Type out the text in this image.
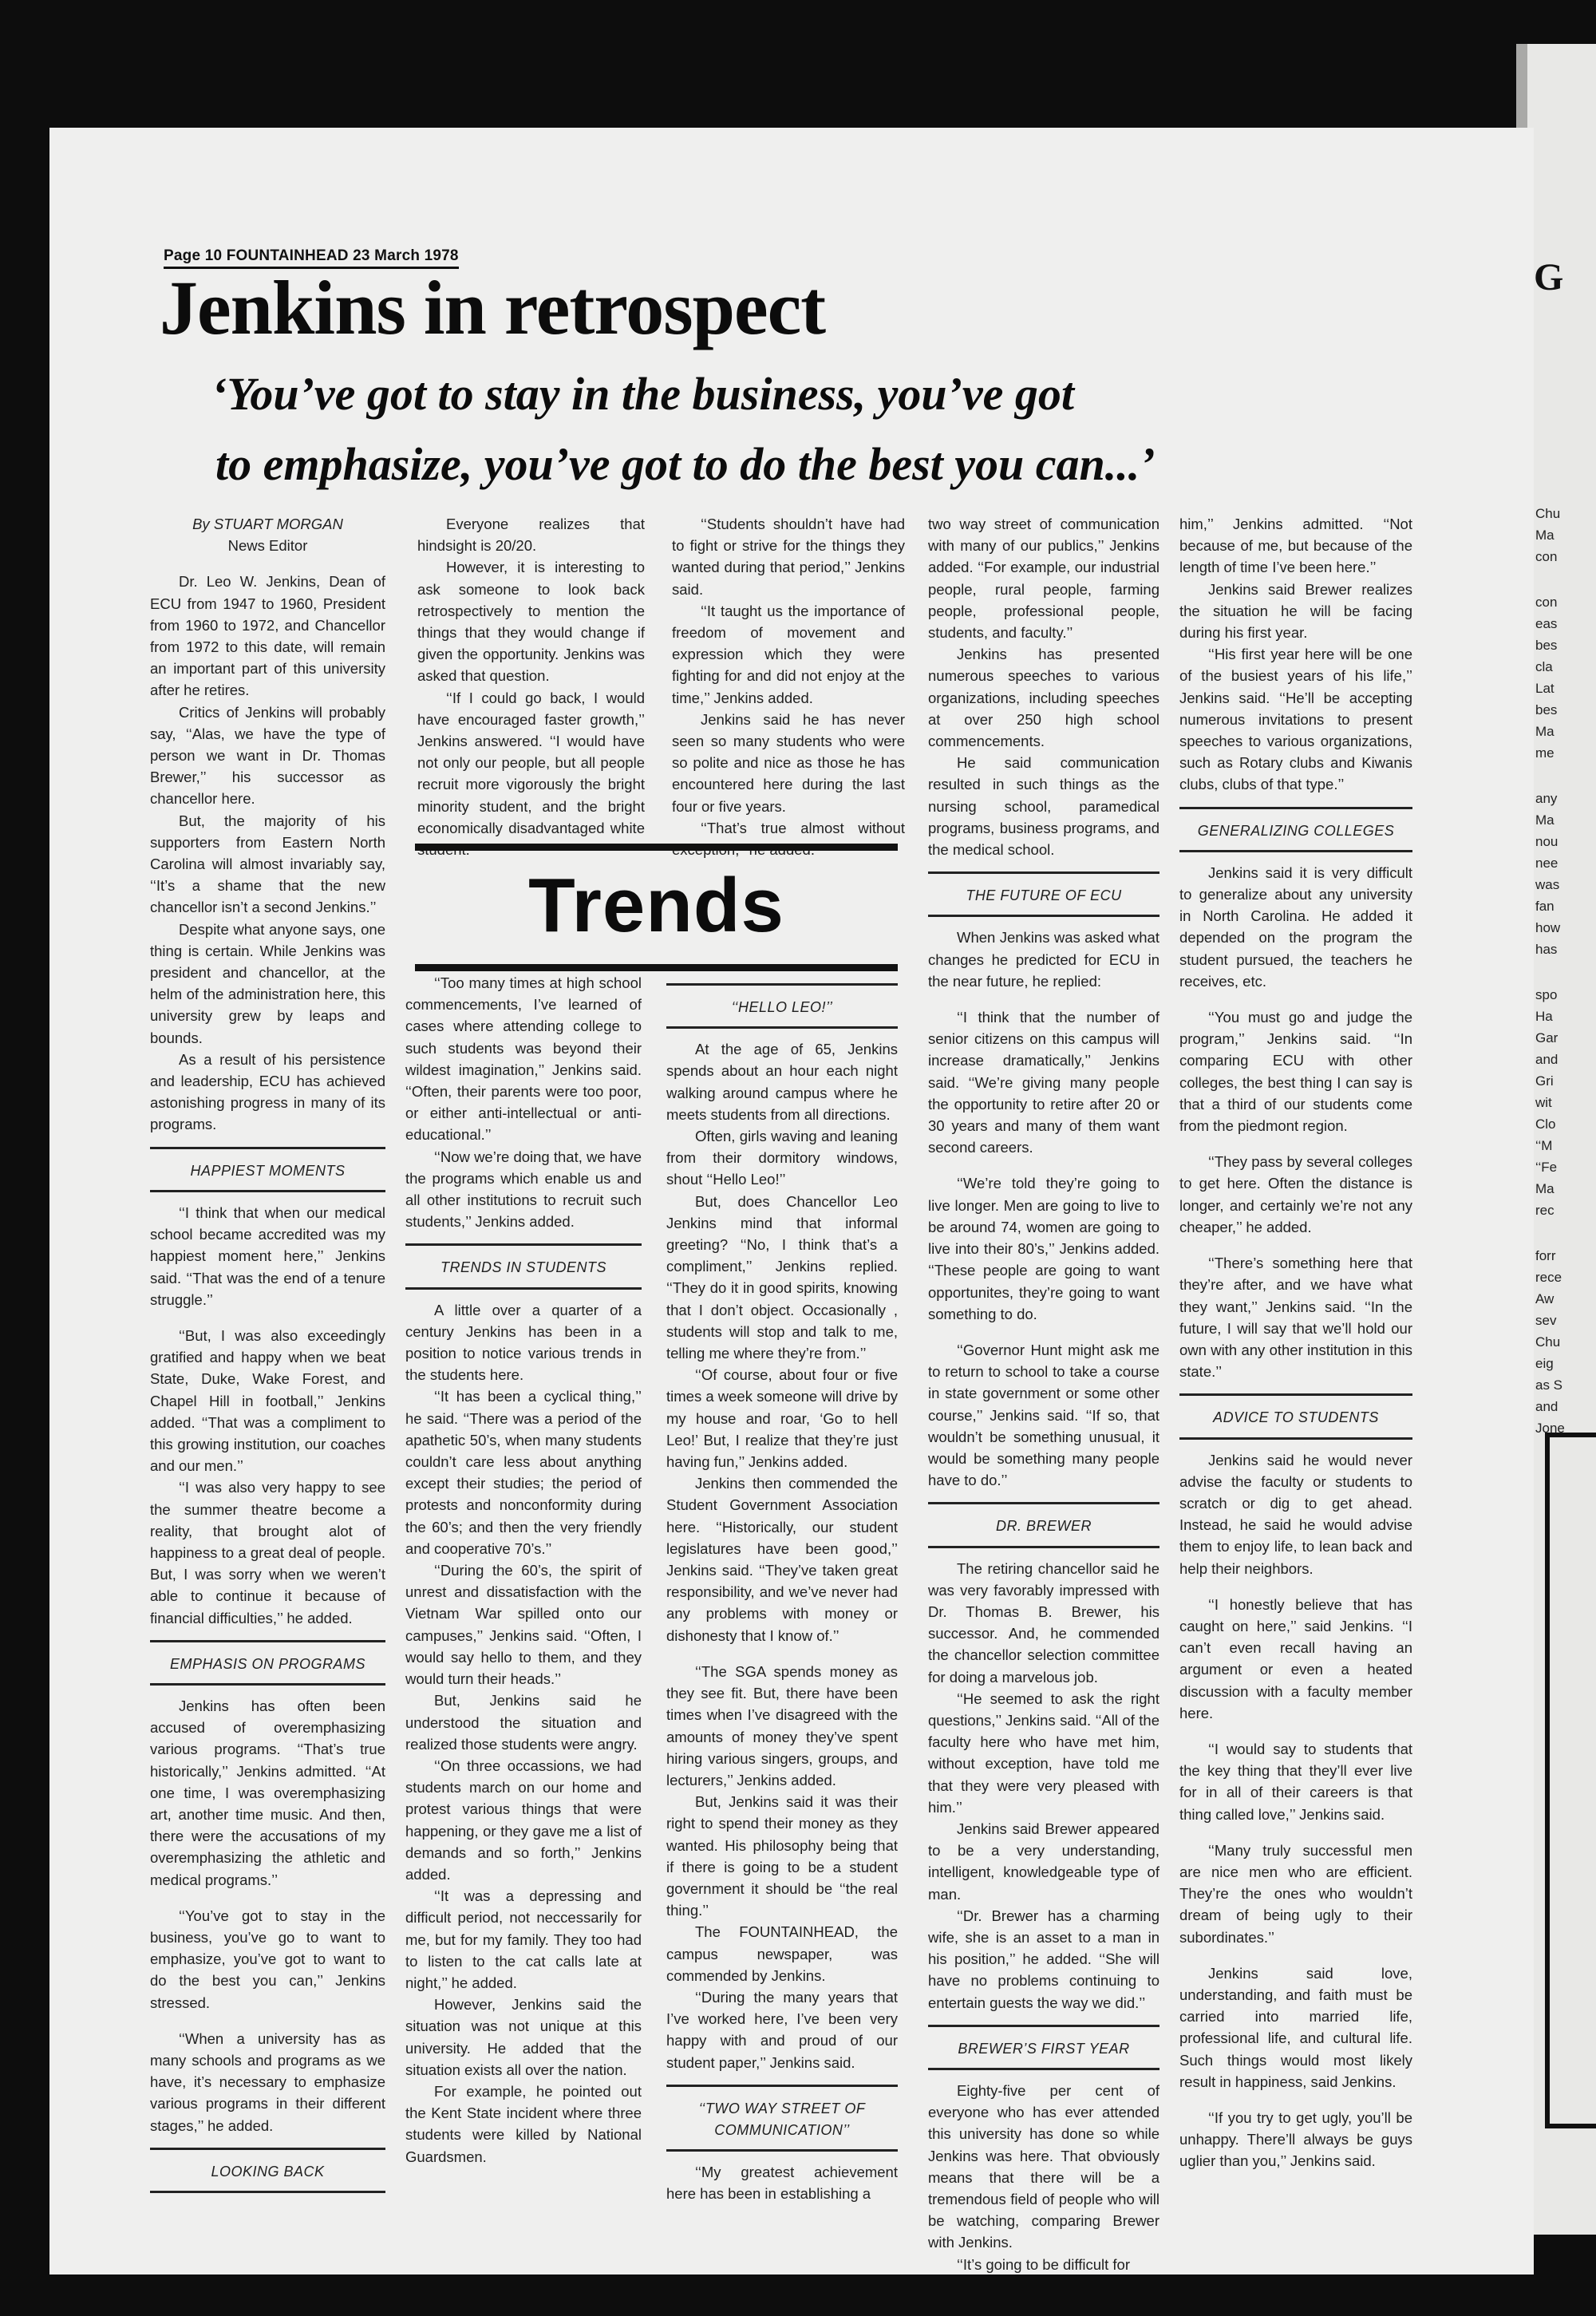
G
Chu
Ma
con
con
eas
bes
cla
Lat
bes
Ma
me
any
Ma
nou
nee
was
fan
how
has
spo
Ha
Gar
and
Gri
wit
Clo
‘‘M
‘‘Fe
Ma
rec
forr
rece
Aw
sev
Chu
eig
as S
and
Jone
Page 10 FOUNTAINHEAD 23 March 1978
Jenkins in retrospect
‘You’ve got to stay in the business, you’ve got
to emphasize, you’ve got to do the best you can...’

By STUART MORGAN

News Editor

Dr. Leo W. Jenkins, Dean of ECU from 1947 to 1960, President from 1960 to 1972, and Chancellor from 1972 to this date, will remain an important part of this university after he retires.

Critics of Jenkins will probably say, ‘‘Alas, we have the type of person we want in Dr. Thomas Brewer,’’ his successor as chancellor here.

But, the majority of his supporters from Eastern North Carolina will almost invariably say, ‘‘It’s a shame that the new chancellor isn’t a second Jenkins.’’

Despite what anyone says, one thing is certain. While Jenkins was president and chancellor, at the helm of the administration here, this university grew by leaps and bounds.

As a result of his persistence and leadership, ECU has achieved astonishing progress in many of its programs.

HAPPIEST MOMENTS

‘‘I think that when our medical school became accredited was my happiest moment here,’’ Jenkins said. ‘‘That was the end of a tenure struggle.’’

‘‘But, I was also exceedingly gratified and happy when we beat State, Duke, Wake Forest, and Chapel Hill in football,’’ Jenkins added. ‘‘That was a compliment to this growing institution, our coaches and our men.’’

‘‘I was also very happy to see the summer theatre become a reality, that brought alot of happiness to a great deal of people. But, I was sorry when we weren’t able to continue it because of financial difficulties,’’ he added.

EMPHASIS ON PROGRAMS

Jenkins has often been accused of overemphasizing various programs. ‘‘That’s true historically,’’ Jenkins admitted. ‘‘At one time, I was overemphasizing art, another time music. And then, there were the accusations of my overemphasizing the athletic and medical programs.’’

‘‘You’ve got to stay in the business, you’ve go to want to emphasize, you’ve got to want to do the best you can,’’ Jenkins stressed.

‘‘When a university has as many schools and programs as we have, it’s necessary to emphasize various programs in their different stages,’’ he added.

LOOKING BACK

Everyone realizes that hindsight is 20/20.

However, it is interesting to ask someone to look back retrospectively to mention the things that they would change if given the opportunity. Jenkins was asked that question.

‘‘If I could go back, I would have encouraged faster growth,’’ Jenkins answered. ‘‘I would have not only our people, but all people recruit more vigorously the bright minority student, and the bright economically disadvantaged white student.’’

‘‘Students shouldn’t have had to fight or strive for the things they wanted during that period,’’ Jenkins said.

‘‘It taught us the importance of freedom of movement and expression which they were fighting for and did not enjoy at the time,’’ Jenkins added.

Jenkins said he has never seen so many students who were so polite and nice as those he has encountered here during the last four or five years.

‘‘That’s true almost without exception,’’ he added.

Trends

‘‘Too many times at high school commencements, I’ve learned of cases where attending college to such students was beyond their wildest imagination,’’ Jenkins said. ‘‘Often, their parents were too poor, or either anti-intellectual or anti-educational.’’

‘‘Now we’re doing that, we have the programs which enable us and all other institutions to recruit such students,’’ Jenkins added.

TRENDS IN STUDENTS

A little over a quarter of a century Jenkins has been in a position to notice various trends in the students here.

‘‘It has been a cyclical thing,’’ he said. ‘‘There was a period of the apathetic 50’s, when many students couldn’t care less about anything except their studies; the period of protests and nonconformity during the 60’s; and then the very friendly and cooperative 70’s.’’

‘‘During the 60’s, the spirit of unrest and dissatisfaction with the Vietnam War spilled onto our campuses,’’ Jenkins said. ‘‘Often, I would say hello to them, and they would turn their heads.’’

But, Jenkins said he understood the situation and realized those students were angry.

‘‘On three occassions, we had students march on our home and protest various things that were happening, or they gave me a list of demands and so forth,’’ Jenkins added.

‘‘It was a depressing and difficult period, not neccessarily for me, but for my family. They too had to listen to the cat calls late at night,’’ he added.

However, Jenkins said the situation was not unique at this university. He added that the situation exists all over the nation.

For example, he pointed out the Kent State incident where three students were killed by National Guardsmen.

‘‘HELLO LEO!’’

At the age of 65, Jenkins spends about an hour each night walking around campus where he meets students from all directions.

Often, girls waving and leaning from their dormitory windows, shout ‘‘Hello Leo!’’

But, does Chancellor Leo Jenkins mind that informal greeting? ‘‘No, I think that’s a compliment,’’ Jenkins replied. ‘‘They do it in good spirits, knowing that I don’t object. Occasionally , students will stop and talk to me, telling me where they’re from.’’

‘‘Of course, about four or five times a week someone will drive by my house and roar, ‘Go to hell Leo!’ But, I realize that they’re just having fun,’’ Jenkins added.

Jenkins then commended the Student Government Association here. ‘‘Historically, our student legislatures have been good,’’ Jenkins said. ‘‘They’ve taken great responsibility, and we’ve never had any problems with money or dishonesty that I know of.’’

‘‘The SGA spends money as they see fit. But, there have been times when I’ve disagreed with the amounts of money they’ve spent hiring various singers, groups, and lecturers,’’ Jenkins added.

But, Jenkins said it was their right to spend their money as they wanted. His philosophy being that if there is going to be a student government it should be ‘‘the real thing.’’

The FOUNTAINHEAD, the campus newspaper, was commended by Jenkins.

‘‘During the many years that I’ve worked here, I’ve been very happy with and proud of our student paper,’’ Jenkins said.

‘‘TWO WAY STREET OF COMMUNICATION’’

‘‘My greatest achievement here has been in establishing a

two way street of communication with many of our publics,’’ Jenkins added. ‘‘For example, our industrial people, rural people, farming people, professional people, students, and faculty.’’

Jenkins has presented numerous speeches to various organizations, including speeches at over 250 high school commencements.

He said communication resulted in such things as the nursing school, paramedical programs, business programs, and the medical school.

THE FUTURE OF ECU

When Jenkins was asked what changes he predicted for ECU in the near future, he replied:

‘‘I think that the number of senior citizens on this campus will increase dramatically,’’ Jenkins said. ‘‘We’re giving many people the opportunity to retire after 20 or 30 years and many of them want second careers.

‘‘We’re told they’re going to live longer. Men are going to live to be around 74, women are going to live into their 80’s,’’ Jenkins added. ‘‘These people are going to want opportunites, they’re going to want something to do.

‘‘Governor Hunt might ask me to return to school to take a course in state government or some other course,’’ Jenkins said. ‘‘If so, that wouldn’t be something unusual, it would be something many people have to do.’’

DR. BREWER

The retiring chancellor said he was very favorably impressed with Dr. Thomas B. Brewer, his successor. And, he commended the chancellor selection committee for doing a marvelous job.

‘‘He seemed to ask the right questions,’’ Jenkins said. ‘‘All of the faculty here who have met him, without exception, have told me that they were very pleased with him.’’

Jenkins said Brewer appeared to be a very understanding, intelligent, knowledgeable type of man.

‘‘Dr. Brewer has a charming wife, she is an asset to a man in his position,’’ he added. ‘‘She will have no problems continuing to entertain guests the way we did.’’

BREWER’S FIRST YEAR

Eighty-five per cent of everyone who has ever attended this university has done so while Jenkins was here. That obviously means that there will be a tremendous field of people who will be watching, comparing Brewer with Jenkins.

‘‘It’s going to be difficult for

him,’’ Jenkins admitted. ‘‘Not because of me, but because of the length of time I’ve been here.’’

Jenkins said Brewer realizes the situation he will be facing during his first year.

‘‘His first year here will be one of the busiest years of his life,’’ Jenkins said. ‘‘He’ll be accepting numerous invitations to present speeches to various organizations, such as Rotary clubs and Kiwanis clubs, clubs of that type.’’

GENERALIZING COLLEGES

Jenkins said it is very difficult to generalize about any university in North Carolina. He added it depended on the program the student pursued, the teachers he receives, etc.

‘‘You must go and judge the program,’’ Jenkins said. ‘‘In comparing ECU with other colleges, the best thing I can say is that a third of our students come from the piedmont region.

‘‘They pass by several colleges to get here. Often the distance is longer, and certainly we’re not any cheaper,’’ he added.

‘‘There’s something here that they’re after, and we have what they want,’’ Jenkins said. ‘‘In the future, I will say that we’ll hold our own with any other institution in this state.’’

ADVICE TO STUDENTS

Jenkins said he would never advise the faculty or students to scratch or dig to get ahead. Instead, he said he would advise them to enjoy life, to lean back and help their neighbors.

‘‘I honestly believe that has caught on here,’’ said Jenkins. ‘‘I can’t even recall having an argument or even a heated discussion with a faculty member here.

‘‘I would say to students that the key thing that they’ll ever live for in all of their careers is that thing called love,’’ Jenkins said.

‘‘Many truly successful men are nice men who are efficient. They’re the ones who wouldn’t dream of being ugly to their subordinates.’’

Jenkins said love, understanding, and faith must be carried into married life, professional life, and cultural life. Such things would most likely result in happiness, said Jenkins.

‘‘If you try to get ugly, you’ll be unhappy. There’ll always be guys uglier than you,’’ Jenkins said.
